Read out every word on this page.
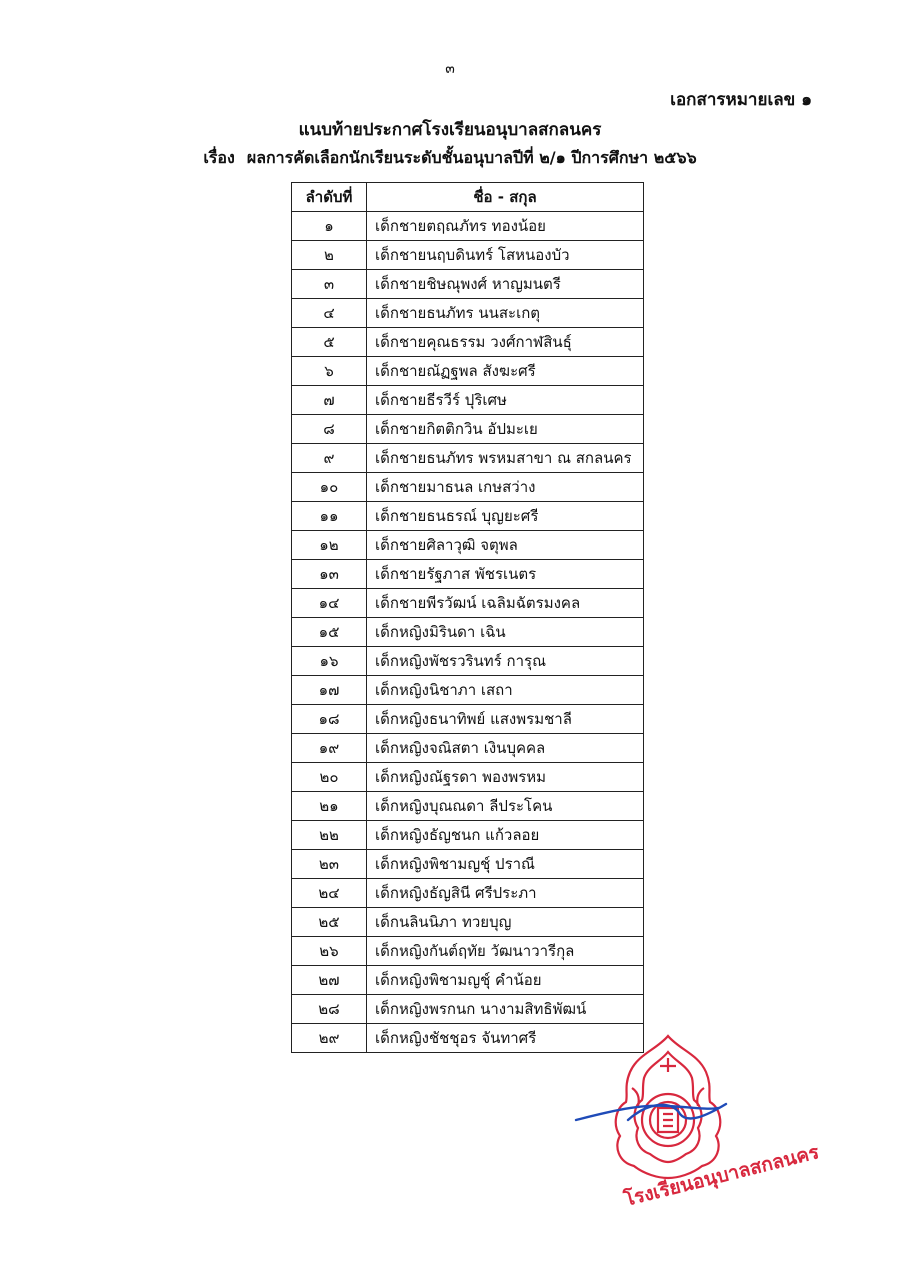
๓
เอกสารหมายเลข ๑
แนบท้ายประกาศโรงเรียนอนุบาลสกลนคร
เรื่อง ผลการคัดเลือกนักเรียนระดับชั้นอนุบาลปีที่ ๒/๑ ปีการศึกษา ๒๕๖๖
ลำดับที่	ชื่อ - สกุล
๑	เด็กชายตฤณภัทร ทองน้อย
๒	เด็กชายนฤบดินทร์ โสหนองบัว
๓	เด็กชายชิษณุพงศ์ หาญมนตรี
๔	เด็กชายธนภัทร นนสะเกตุ
๕	เด็กชายคุณธรรม วงศ์กาฬสินธุ์
๖	เด็กชายณัฏฐพล สังฆะศรี
๗	เด็กชายธีรวีร์ ปุริเศษ
๘	เด็กชายกิตติกวิน อัปมะเย
๙	เด็กชายธนภัทร พรหมสาขา ณ สกลนคร
๑๐	เด็กชายมาธนล เกษสว่าง
๑๑	เด็กชายธนธรณ์ บุญยะศรี
๑๒	เด็กชายศิลาวุฒิ จตุพล
๑๓	เด็กชายรัฐภาส พัชรเนตร
๑๔	เด็กชายพีรวัฒน์ เฉลิมฉัตรมงคล
๑๕	เด็กหญิงมิรินดา เฉิน
๑๖	เด็กหญิงพัชรวรินทร์ การุณ
๑๗	เด็กหญิงนิชาภา เสถา
๑๘	เด็กหญิงธนาทิพย์ แสงพรมชาลี
๑๙	เด็กหญิงจณิสตา เงินบุคคล
๒๐	เด็กหญิงณัฐรดา พองพรหม
๒๑	เด็กหญิงบุณณดา ลีประโคน
๒๒	เด็กหญิงธัญชนก แก้วลอย
๒๓	เด็กหญิงพิชามญชุ์ ปราณี
๒๔	เด็กหญิงธัญสินี ศรีประภา
๒๕	เด็กนลินนิภา ทวยบุญ
๒๖	เด็กหญิงกันต์ฤทัย วัฒนาวารีกุล
๒๗	เด็กหญิงพิชามญชุ์ คำน้อย
๒๘	เด็กหญิงพรกนก นางามสิทธิพัฒน์
๒๙	เด็กหญิงชัชชุอร จันทาศรี
โรงเรียนอนุบาลสกลนคร
